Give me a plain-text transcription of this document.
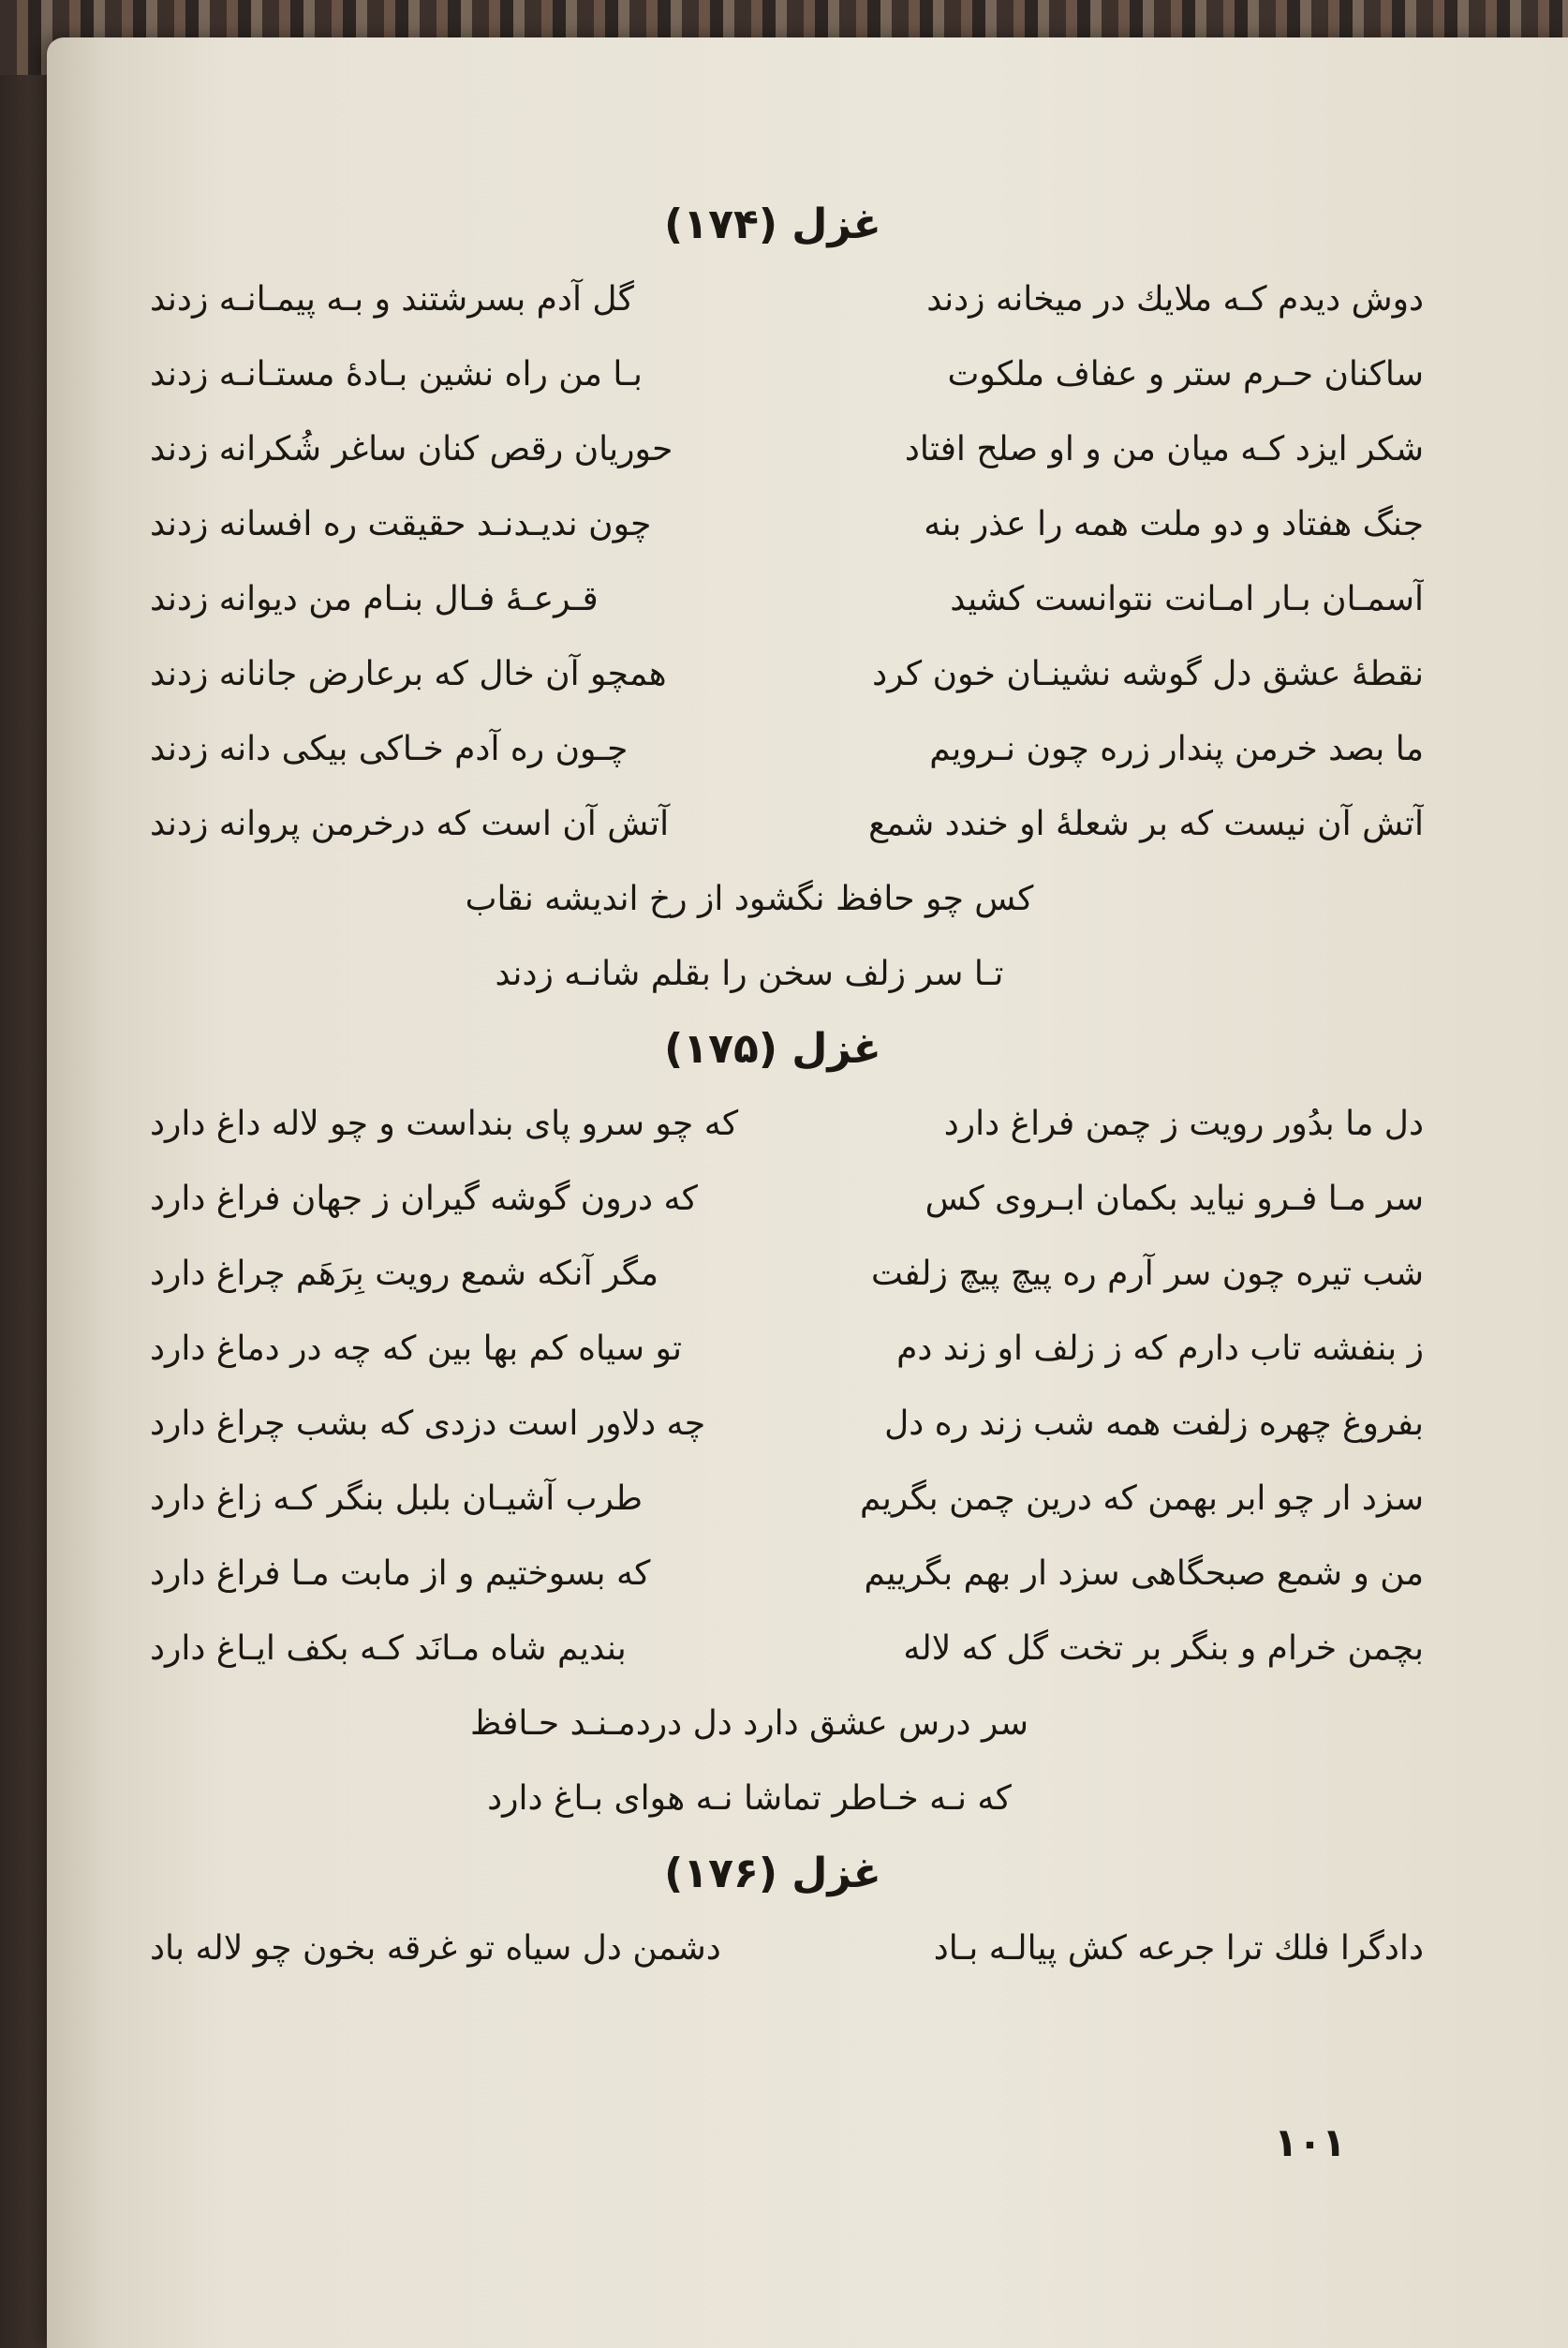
غزل (۱۷۴)
دوش دیدم کـه ملایك در میخانه زدند
گل آدم بسرشتند و بـه پیمـانـه زدند
ساکنان حـرم ستر و عفاف ملکوت
بـا من راه نشین بـادهٔ مستـانـه زدند
شکر ایزد کـه میان من و او صلح افتاد
حوریان رقص کنان ساغر شُکرانه زدند
جنگ هفتاد و دو ملت همه را عذر بنه
چون ندیـدنـد حقیقت ره افسانه زدند
آسمـان بـار امـانت نتوانست کشید
قـرعـهٔ فـال بنـام من دیوانه زدند
نقطهٔ عشق دل گوشه نشینـان خون کرد
همچو آن خال که برعارض جانانه زدند
ما بصد خرمن پندار زره چون نـرویم
چـون ره آدم خـاکی بیکی دانه زدند
آتش آن نیست که بر شعلهٔ او خندد شمع
آتش آن است که درخرمن پروانه زدند
کس چو حافظ نگشود از رخ اندیشه نقاب
تـا سر زلف سخن را بقلم شانـه زدند
غزل (۱۷۵)
دل ما بدُور رویت ز چمن فراغ دارد
که چو سرو پای بنداست و چو لاله داغ دارد
سر مـا فـرو نیاید بکمان ابـروی کس
که درون گوشه گیران ز جهان فراغ دارد
شب تیره چون سر آرم ره پیچ پیچ زلفت
مگر آنکه شمع رویت بِرَهَم چراغ دارد
ز بنفشه تاب دارم که ز زلف او زند دم
تو سیاه کم بها بین که چه در دماغ دارد
بفروغ چهره زلفت همه شب زند ره دل
چه دلاور است دزدی که بشب چراغ دارد
سزد ار چو ابر بهمن که درین چمن بگریم
طرب آشیـان بلبل بنگر کـه زاغ دارد
من و شمع صبحگاهی سزد ار بهم بگرییم
که بسوختیم و از مابت مـا فراغ دارد
بچمن خرام و بنگر بر تخت گل که لاله
بندیم شاه مـانَد کـه بکف ایـاغ دارد
سر درس عشق دارد دل دردمـنـد حـافظ
که نـه خـاطر تماشا نـه هوای بـاغ دارد
غزل (۱۷۶)
دادگرا فلك ترا جرعه کش پیالـه بـاد
دشمن دل سیاه تو غرقه بخون چو لاله باد
۱۰۱
